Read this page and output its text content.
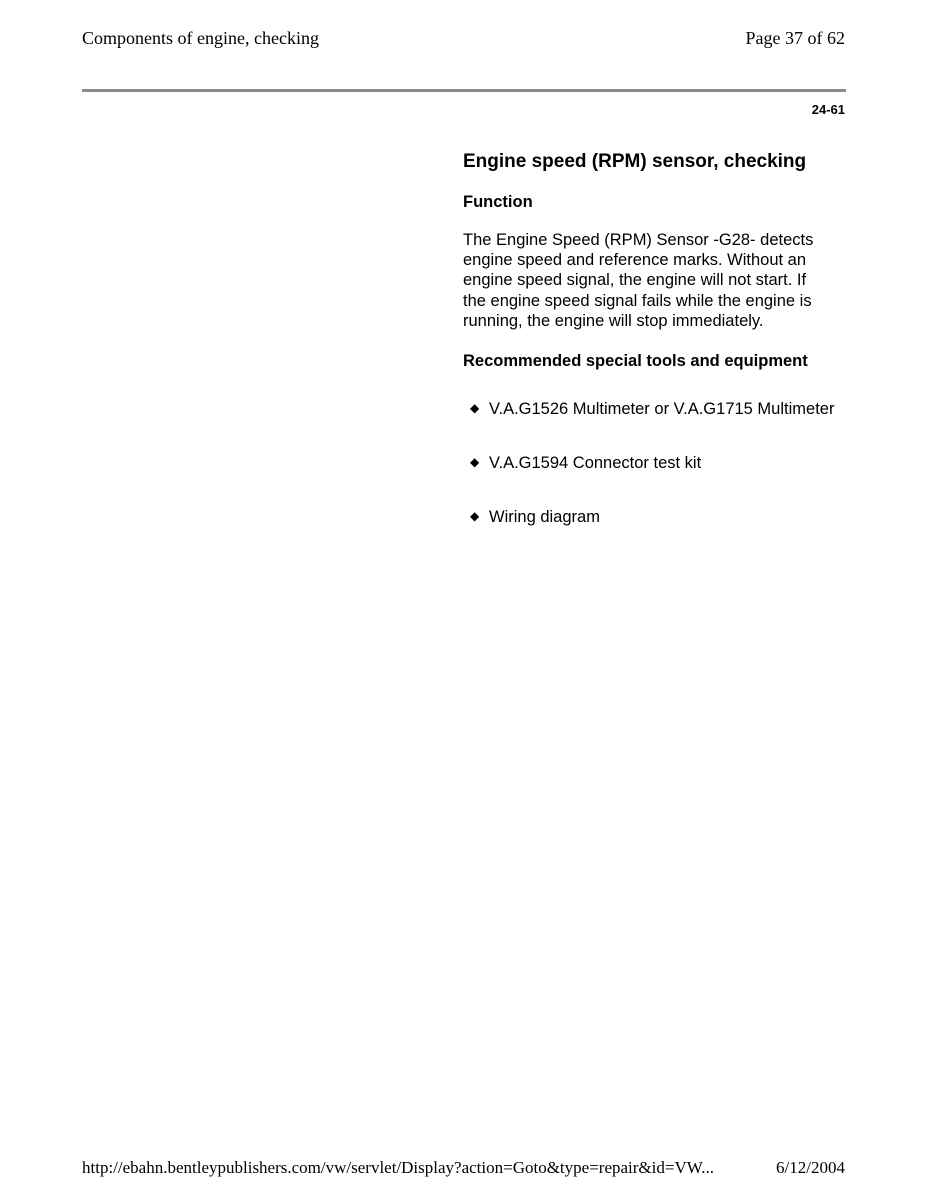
Components of engine, checking	Page 37 of 62
24-61
Engine speed (RPM) sensor, checking
Function

The Engine Speed (RPM) Sensor -G28- detects engine speed and reference marks. Without an engine speed signal, the engine will not start. If the engine speed signal fails while the engine is running, the engine will stop immediately.

Recommended special tools and equipment
◆ V.A.G1526 Multimeter or V.A.G1715 Multimeter
◆ V.A.G1594 Connector test kit
◆ Wiring diagram
http://ebahn.bentleypublishers.com/vw/servlet/Display?action=Goto&type=repair&id=VW...	6/12/2004
